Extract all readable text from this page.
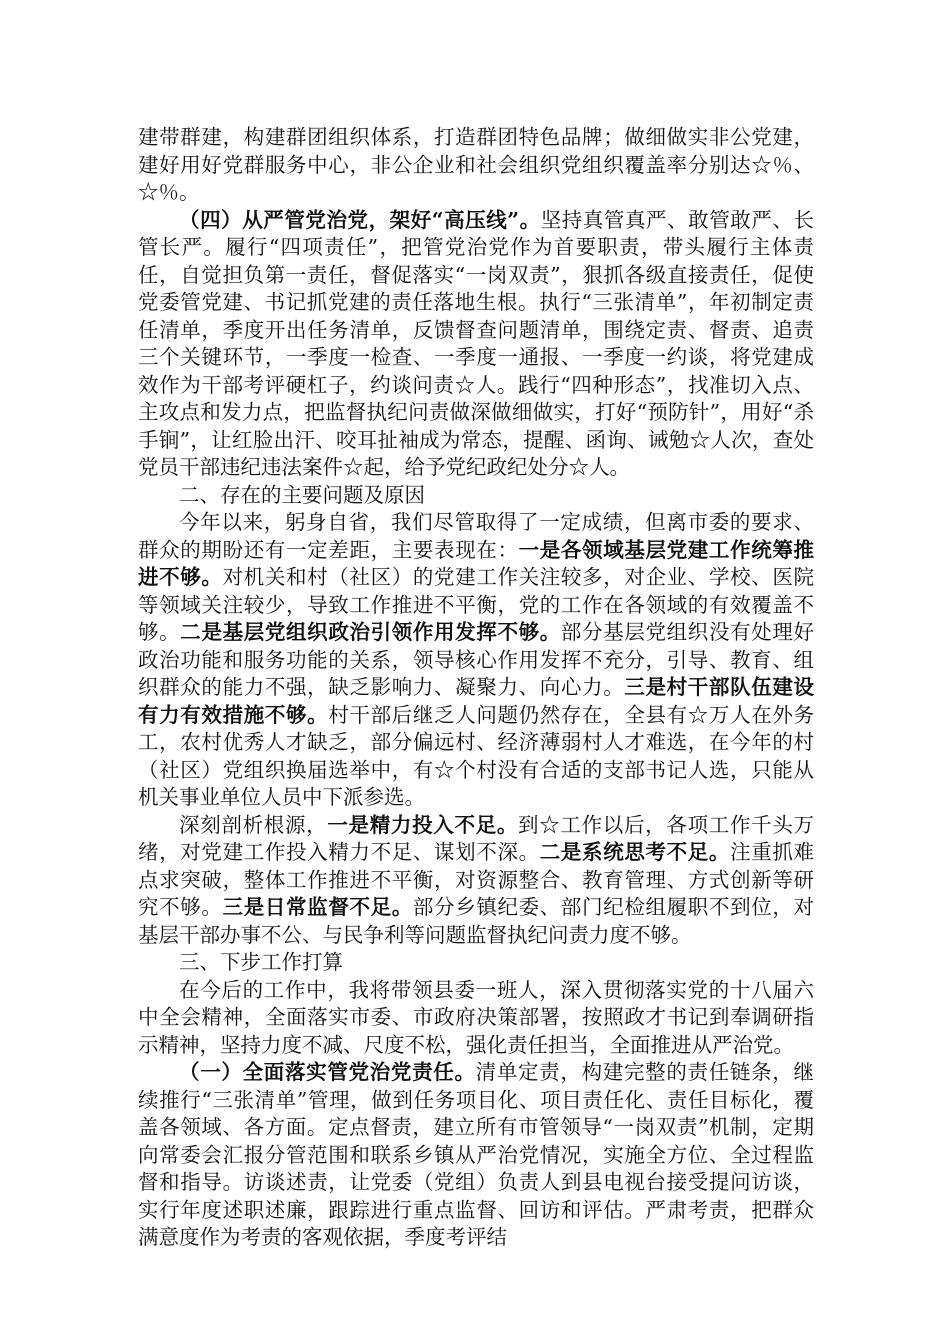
建带群建，构建群团组织体系，打造群团特色品牌；做细做实非公党建，建好用好党群服务中心，非公企业和社会组织党组织覆盖率分别达☆％、☆％。

（四）从严管党治党，架好“高压线”。坚持真管真严、敢管敢严、长管长严。履行“四项责任”，把管党治党作为首要职责，带头履行主体责任，自觉担负第一责任，督促落实“一岗双责”，狠抓各级直接责任，促使党委管党建、书记抓党建的责任落地生根。执行“三张清单”，年初制定责任清单，季度开出任务清单，反馈督查问题清单，围绕定责、督责、追责三个关键环节，一季度一检查、一季度一通报、一季度一约谈，将党建成效作为干部考评硬杠子，约谈问责☆人。践行“四种形态”，找准切入点、主攻点和发力点，把监督执纪问责做深做细做实，打好“预防针”，用好“杀手锏”，让红脸出汗、咬耳扯袖成为常态，提醒、函询、诫勉☆人次，查处党员干部违纪违法案件☆起，给予党纪政纪处分☆人。

二、存在的主要问题及原因

今年以来，躬身自省，我们尽管取得了一定成绩，但离市委的要求、群众的期盼还有一定差距，主要表现在：一是各领域基层党建工作统筹推进不够。对机关和村（社区）的党建工作关注较多，对企业、学校、医院等领域关注较少，导致工作推进不平衡，党的工作在各领域的有效覆盖不够。二是基层党组织政治引领作用发挥不够。部分基层党组织没有处理好政治功能和服务功能的关系，领导核心作用发挥不充分，引导、教育、组织群众的能力不强，缺乏影响力、凝聚力、向心力。三是村干部队伍建设有力有效措施不够。村干部后继乏人问题仍然存在，全县有☆万人在外务工，农村优秀人才缺乏，部分偏远村、经济薄弱村人才难选，在今年的村（社区）党组织换届选举中，有☆个村没有合适的支部书记人选，只能从机关事业单位人员中下派参选。

深刻剖析根源，一是精力投入不足。到☆工作以后，各项工作千头万绪，对党建工作投入精力不足、谋划不深。二是系统思考不足。注重抓难点求突破，整体工作推进不平衡，对资源整合、教育管理、方式创新等研究不够。三是日常监督不足。部分乡镇纪委、部门纪检组履职不到位，对基层干部办事不公、与民争利等问题监督执纪问责力度不够。

三、下步工作打算

在今后的工作中，我将带领县委一班人，深入贯彻落实党的十八届六中全会精神，全面落实市委、市政府决策部署，按照政才书记到奉调研指示精神，坚持力度不减、尺度不松，强化责任担当，全面推进从严治党。

（一）全面落实管党治党责任。清单定责，构建完整的责任链条，继续推行“三张清单”管理，做到任务项目化、项目责任化、责任目标化，覆盖各领域、各方面。定点督责，建立所有市管领导“一岗双责”机制，定期向常委会汇报分管范围和联系乡镇从严治党情况，实施全方位、全过程监督和指导。访谈述责，让党委（党组）负责人到县电视台接受提问访谈，实行年度述职述廉，跟踪进行重点监督、回访和评估。严肃考责，把群众满意度作为考责的客观依据，季度考评结
